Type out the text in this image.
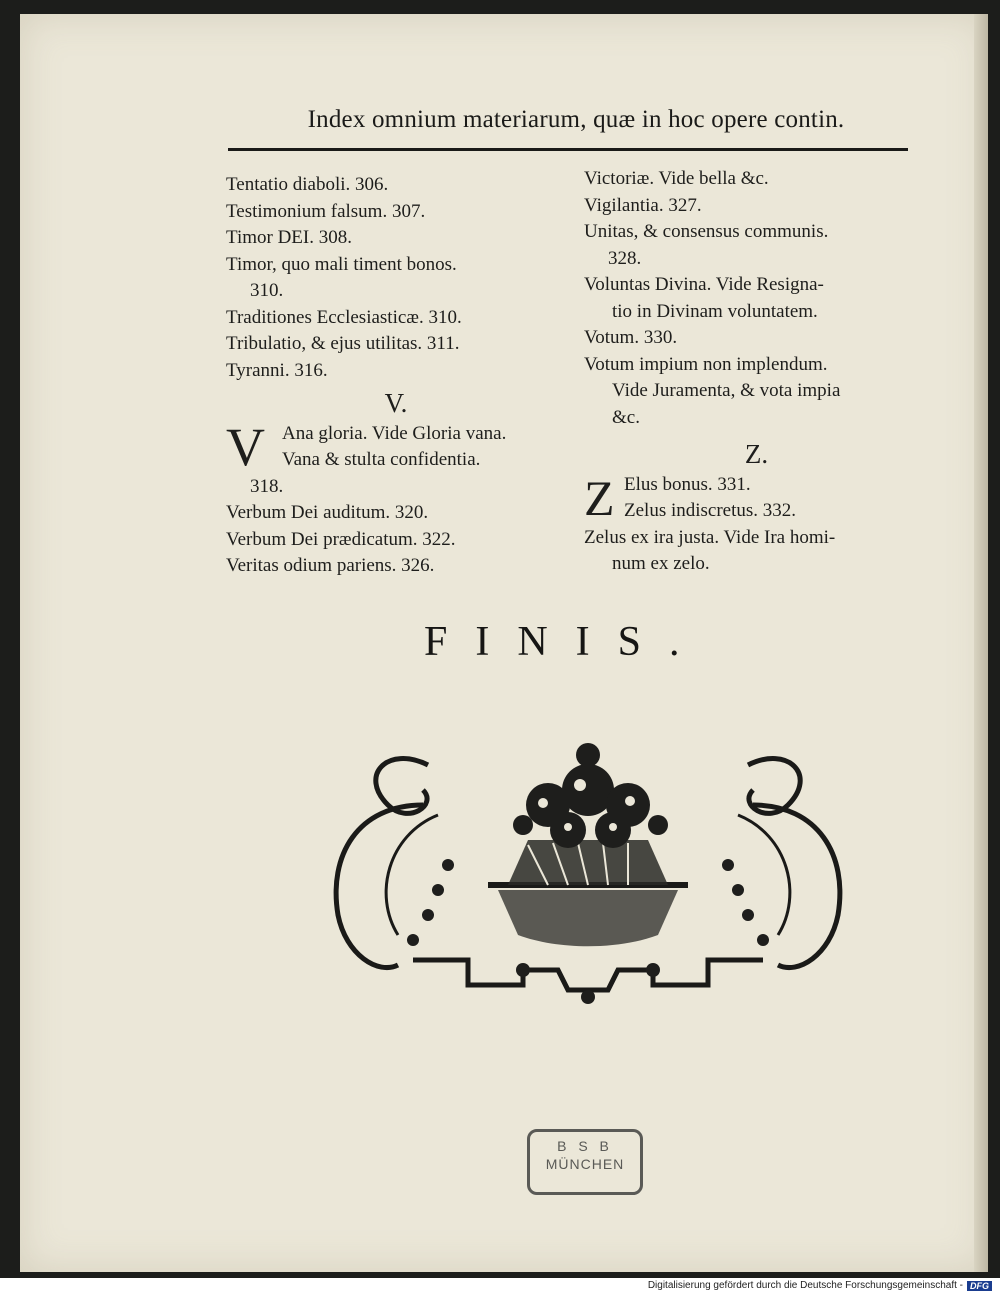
Index omnium materiarum, quæ in hoc opere contin.
Tentatio diaboli. 306.
Testimonium falsum. 307.
Timor DEI. 308.
Timor, quo mali timent bonos.
310.
Traditiones Ecclesiasticæ. 310.
Tribulatio, & ejus utilitas. 311.
Tyranni. 316.
V.
V Ana gloria. Vide Gloria vana.
Vana & stulta confidentia.
318.
Verbum Dei auditum. 320.
Verbum Dei prædicatum. 322.
Veritas odium pariens. 326.
Victoriæ. Vide bella &c.
Vigilantia. 327.
Unitas, & consensus communis.
328.
Voluntas Divina. Vide Resigna-
tio in Divinam voluntatem.
Votum. 330.
Votum impium non implendum.
Vide Juramenta, & vota impia
&c.
Z.
Z Elus bonus. 331.
Zelus indiscretus. 332.
Zelus ex ira justa. Vide Ira homi-
num ex zelo.
FINIS.
B S B
MÜNCHEN
Digitalisierung gefördert durch die Deutsche Forschungsgemeinschaft - DFG
